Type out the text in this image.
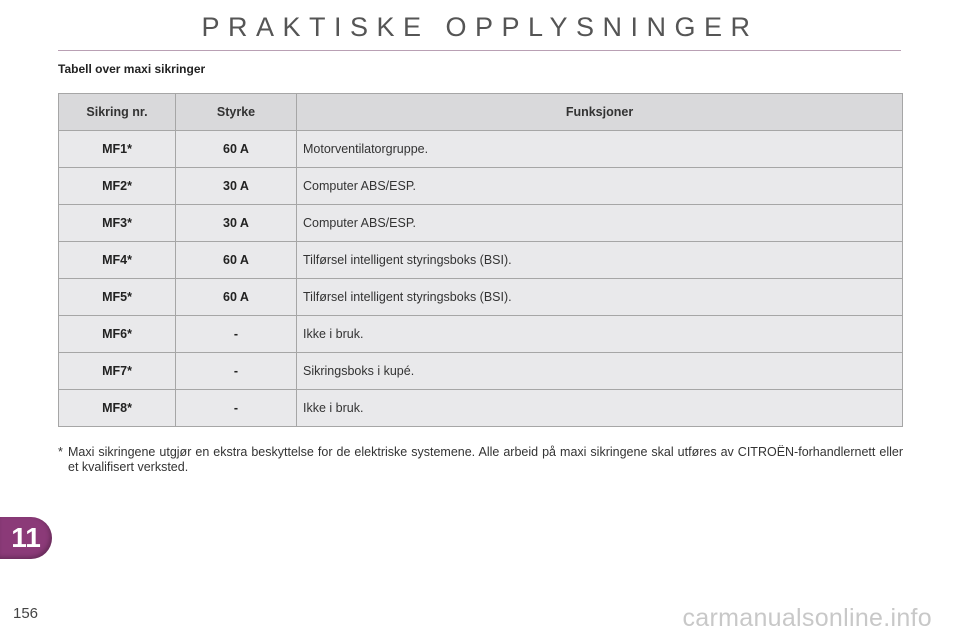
PRAKTISKE OPPLYSNINGER
Tabell over maxi sikringer
Sikring nr.	Styrke	Funksjoner
MF1*	60 A	Motorventilatorgruppe.
MF2*	30 A	Computer ABS/ESP.
MF3*	30 A	Computer ABS/ESP.
MF4*	60 A	Tilførsel intelligent styringsboks (BSI).
MF5*	60 A	Tilførsel intelligent styringsboks (BSI).
MF6*	-	Ikke i bruk.
MF7*	-	Sikringsboks i kupé.
MF8*	-	Ikke i bruk.
* Maxi sikringene utgjør en ekstra beskyttelse for de elektriske systemene. Alle arbeid på maxi sikringene skal utføres av CITROËN-forhandlernett eller et kvalifisert verksted.
11
156	carmanualsonline.info
